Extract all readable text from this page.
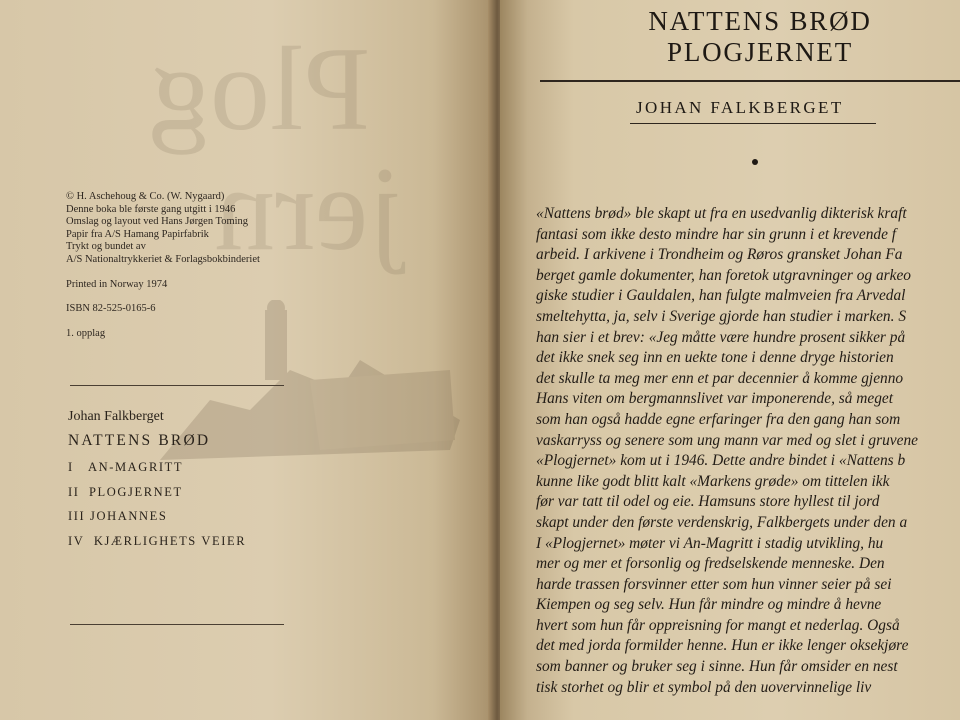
Plog
jern
© H. Aschehoug & Co. (W. Nygaard)
Denne boka ble første gang utgitt i 1946
Omslag og layout ved Hans Jørgen Toming
Papir fra A/S Hamang Papirfabrik
Trykt og bundet av
A/S Nationaltrykkeriet & Forlagsbokbinderiet
Printed in Norway 1974
ISBN 82-525-0165-6
1. opplag
Johan Falkberget
NATTENS BRØD
I AN-MAGRITT
II PLOGJERNET
III JOHANNES
IV KJÆRLIGHETS VEIER
NATTENS BRØD
PLOGJERNET
JOHAN FALKBERGET
«Nattens brød» ble skapt ut fra en usedvanlig dikterisk kraft
fantasi som ikke desto mindre har sin grunn i et krevende f
arbeid. I arkivene i Trondheim og Røros gransket Johan Fa
berget gamle dokumenter, han foretok utgravninger og arkeo
giske studier i Gauldalen, han fulgte malmveien fra Arvedal
smeltehytta, ja, selv i Sverige gjorde han studier i marken. S
han sier i et brev: «Jeg måtte være hundre prosent sikker på
det ikke snek seg inn en uekte tone i denne dryge historien
det skulle ta meg mer enn et par decennier å komme gjenno
Hans viten om bergmannslivet var imponerende, så meget
som han også hadde egne erfaringer fra den gang han som
vaskarryss og senere som ung mann var med og slet i gruvene
«Plogjernet» kom ut i 1946. Dette andre bindet i «Nattens b
kunne like godt blitt kalt «Markens grøde» om tittelen ikk
før var tatt til odel og eie. Hamsuns store hyllest til jord
skapt under den første verdenskrig, Falkbergets under den a
I «Plogjernet» møter vi An-Magritt i stadig utvikling, hu
mer og mer et forsonlig og fredselskende menneske. Den
harde trassen forsvinner etter som hun vinner seier på sei
Kiempen og seg selv. Hun får mindre og mindre å hevne
hvert som hun får oppreisning for mangt et nederlag. Også
det med jorda formilder henne. Hun er ikke lenger oksekjøre
som banner og bruker seg i sinne. Hun får omsider en nest
tisk storhet og blir et symbol på den uovervinnelige liv
